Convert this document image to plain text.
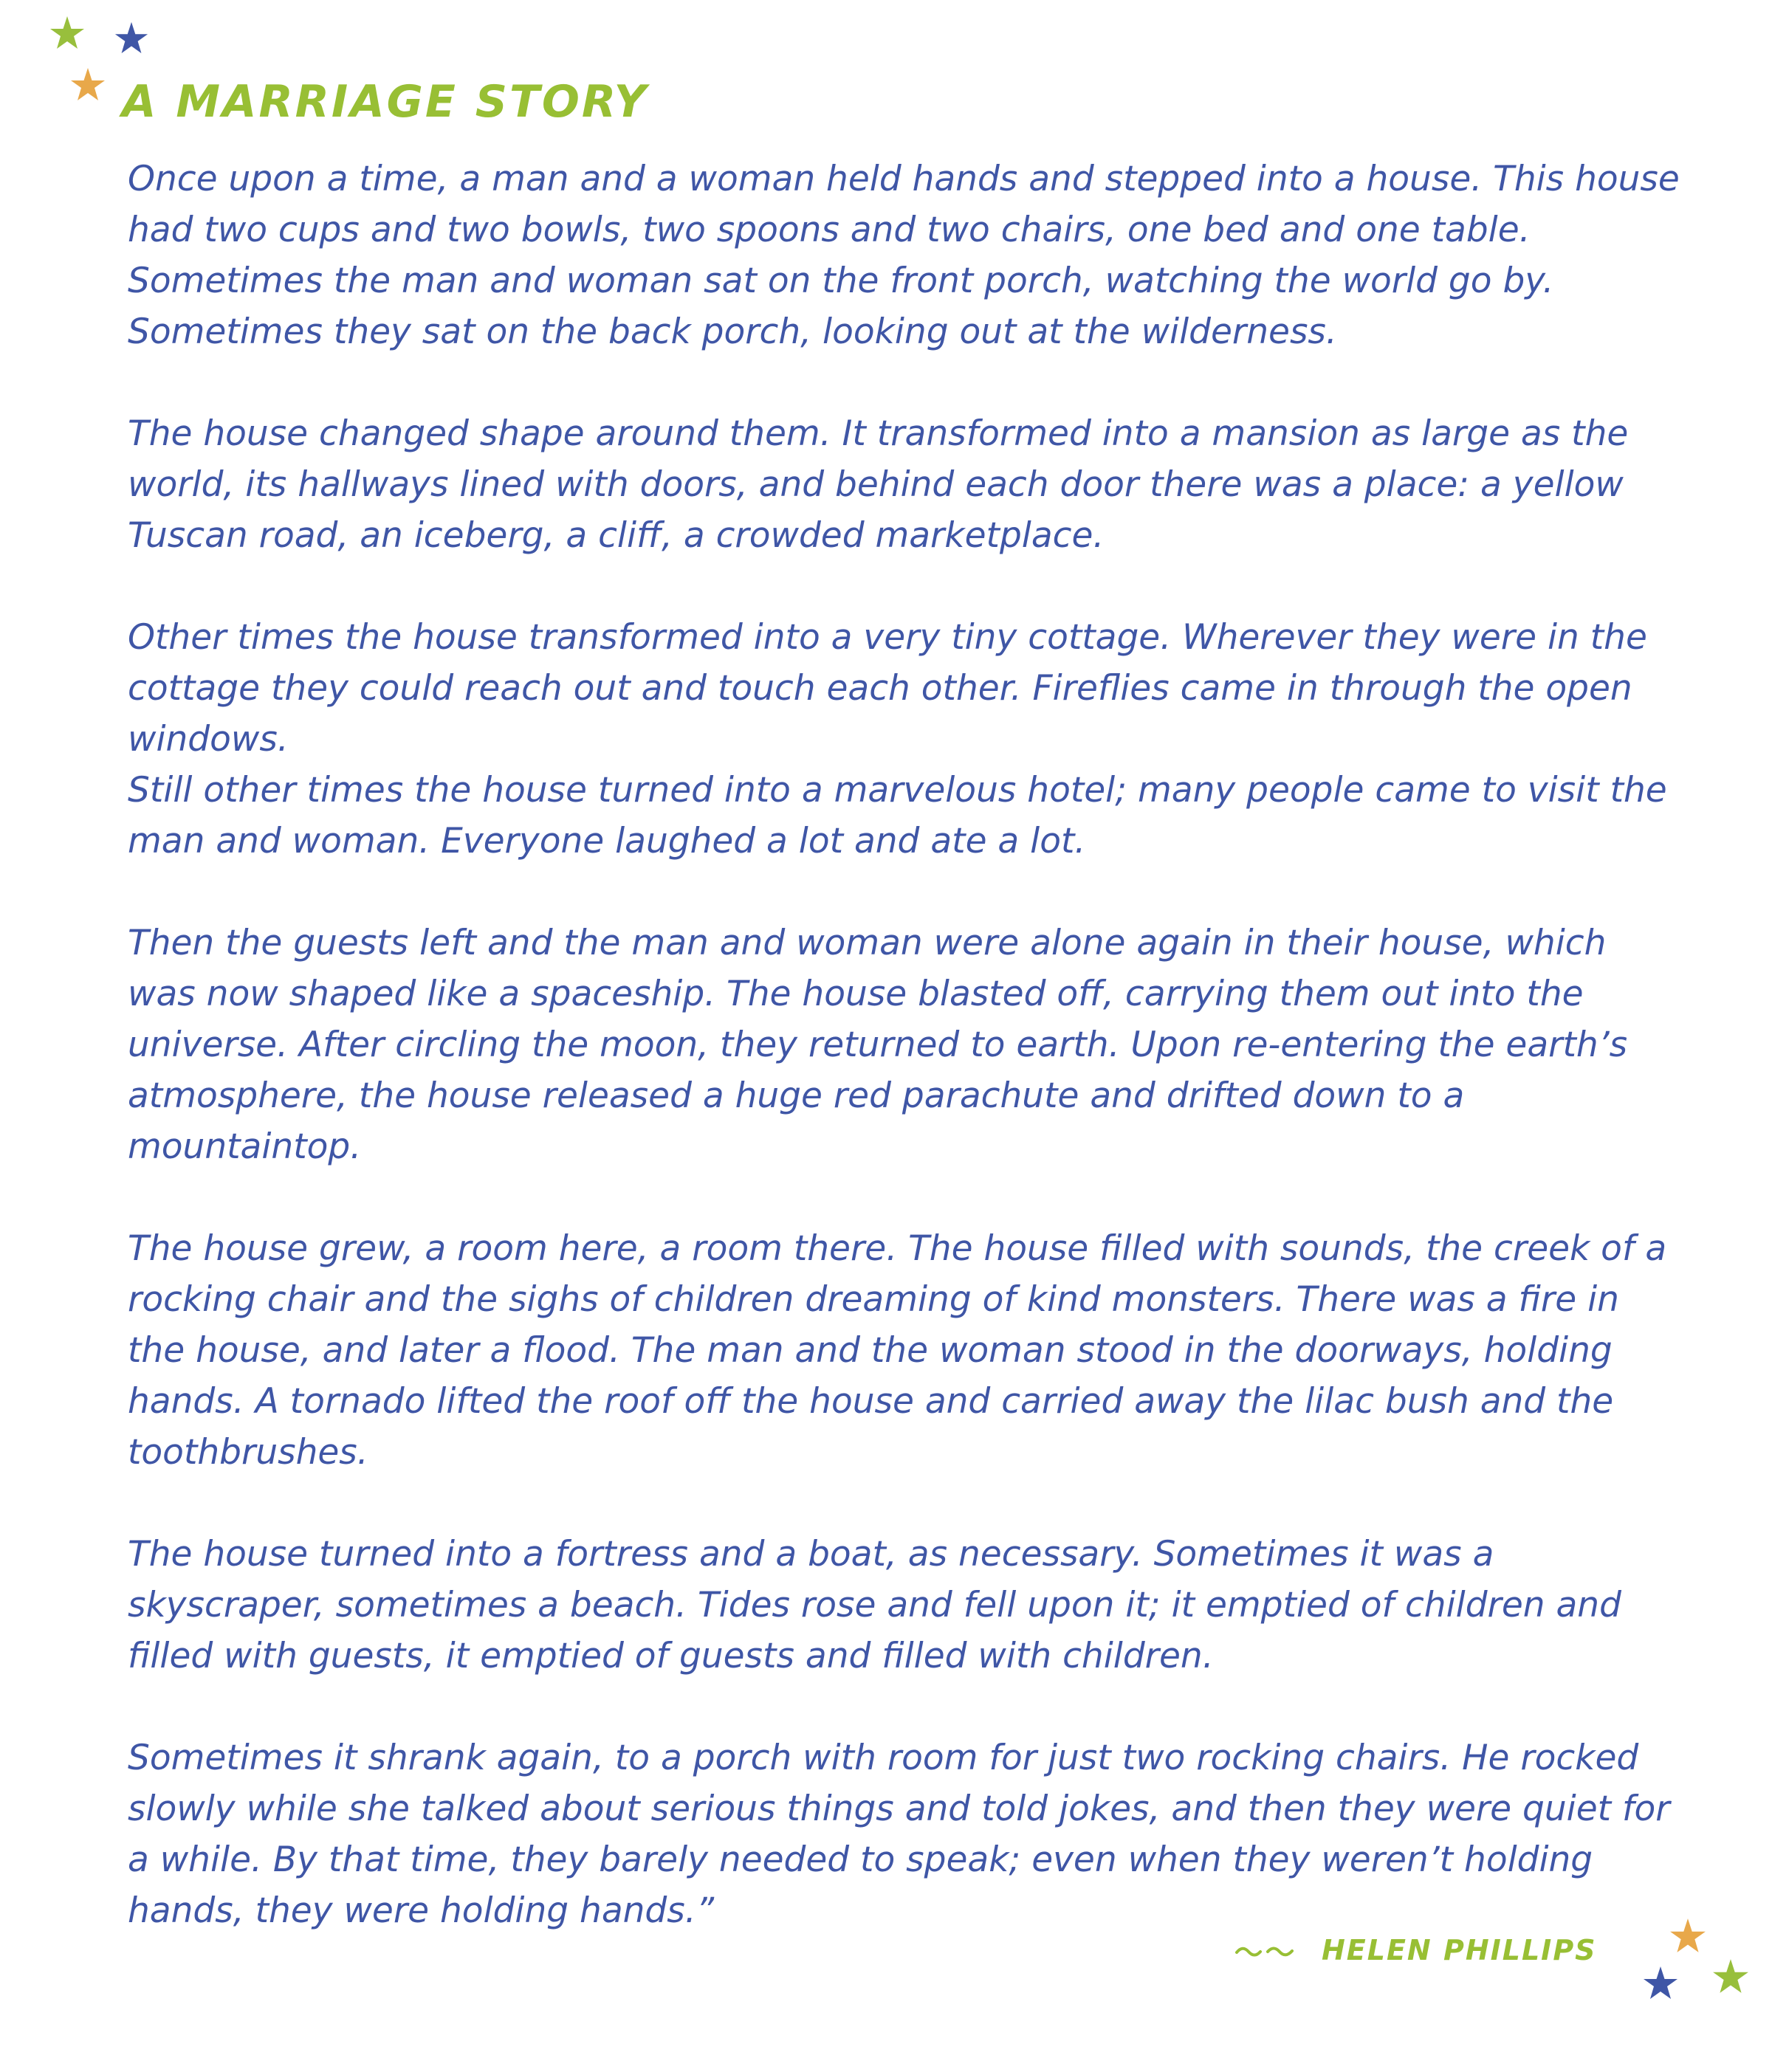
A MARRIAGE STORY

Once upon a time, a man and a woman held hands and stepped into a house. This house
had two cups and two bowls, two spoons and two chairs, one bed and one table.
Sometimes the man and woman sat on the front porch, watching the world go by.
Sometimes they sat on the back porch, looking out at the wilderness.

The house changed shape around them. It transformed into a mansion as large as the
world, its hallways lined with doors, and behind each door there was a place: a yellow
Tuscan road, an iceberg, a cliff, a crowded marketplace.

Other times the house transformed into a very tiny cottage. Wherever they were in the
cottage they could reach out and touch each other. Fireflies came in through the open
windows.

Still other times the house turned into a marvelous hotel; many people came to visit the
man and woman. Everyone laughed a lot and ate a lot.

Then the guests left and the man and woman were alone again in their house, which
was now shaped like a spaceship. The house blasted off, carrying them out into the
universe. After circling the moon, they returned to earth. Upon re-entering the earth’s
atmosphere, the house released a huge red parachute and drifted down to a
mountaintop.

The house grew, a room here, a room there. The house filled with sounds, the creek of a
rocking chair and the sighs of children dreaming of kind monsters. There was a fire in
the house, and later a flood. The man and the woman stood in the doorways, holding
hands. A tornado lifted the roof off the house and carried away the lilac bush and the
toothbrushes.

The house turned into a fortress and a boat, as necessary. Sometimes it was a
skyscraper, sometimes a beach. Tides rose and fell upon it; it emptied of children and
filled with guests, it emptied of guests and filled with children.

Sometimes it shrank again, to a porch with room for just two rocking chairs. He rocked
slowly while she talked about serious things and told jokes, and then they were quiet for
a while. By that time, they barely needed to speak; even when they weren’t holding
hands, they were holding hands.”

HELEN PHILLIPS
